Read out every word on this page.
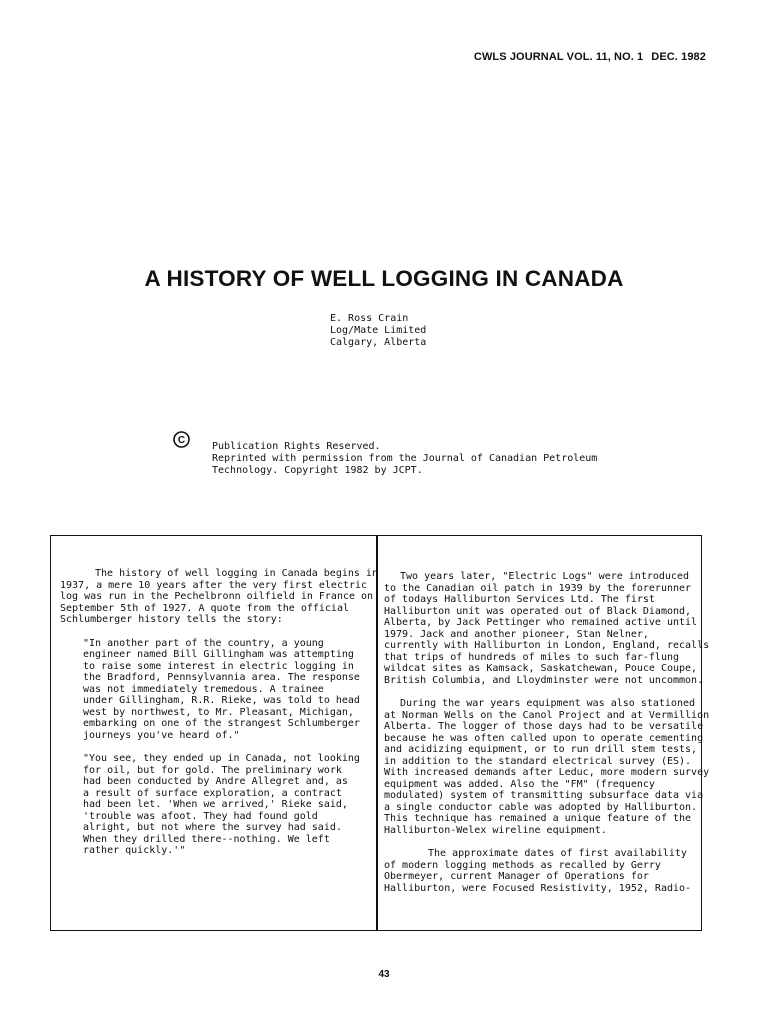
CWLS JOURNAL VOL. 11, NO. 1 DEC. 1982
A HISTORY OF WELL LOGGING IN CANADA
E. Ross Crain
Log/Mate Limited
Calgary, Alberta
C
Publication Rights Reserved.
Reprinted with permission from the Journal of Canadian Petroleum
Technology. Copyright 1982 by JCPT.
The history of well logging in Canada begins in
1937, a mere 10 years after the very first electric
log was run in the Pechelbronn oilfield in France on
September 5th of 1927. A quote from the official
Schlumberger history tells the story:
"In another part of the country, a young
engineer named Bill Gillingham was attempting
to raise some interest in electric logging in
the Bradford, Pennsylvannia area. The response
was not immediately tremedous. A trainee
under Gillingham, R.R. Rieke, was told to head
west by northwest, to Mr. Pleasant, Michigan,
embarking on one of the strangest Schlumberger
journeys you've heard of."
"You see, they ended up in Canada, not looking
for oil, but for gold. The preliminary work
had been conducted by Andre Allegret and, as
a result of surface exploration, a contract
had been let. 'When we arrived,' Rieke said,
'trouble was afoot. They had found gold
alright, but not where the survey had said.
When they drilled there--nothing. We left
rather quickly.'"
Two years later, "Electric Logs" were introduced
to the Canadian oil patch in 1939 by the forerunner
of todays Halliburton Services Ltd. The first
Halliburton unit was operated out of Black Diamond,
Alberta, by Jack Pettinger who remained active until
1979. Jack and another pioneer, Stan Nelner,
currently with Halliburton in London, England, recalls
that trips of hundreds of miles to such far-flung
wildcat sites as Kamsack, Saskatchewan, Pouce Coupe,
British Columbia, and Lloydminster were not uncommon.
During the war years equipment was also stationed
at Norman Wells on the Canol Project and at Vermillion
Alberta. The logger of those days had to be versatile
because he was often called upon to operate cementing
and acidizing equipment, or to run drill stem tests,
in addition to the standard electrical survey (ES).
With increased demands after Leduc, more modern survey
equipment was added. Also the "FM" (frequency
modulated) system of transmitting subsurface data via
a single conductor cable was adopted by Halliburton.
This technique has remained a unique feature of the
Halliburton-Welex wireline equipment.
The approximate dates of first availability
of modern logging methods as recalled by Gerry
Obermeyer, current Manager of Operations for
Halliburton, were Focused Resistivity, 1952, Radio-
43
